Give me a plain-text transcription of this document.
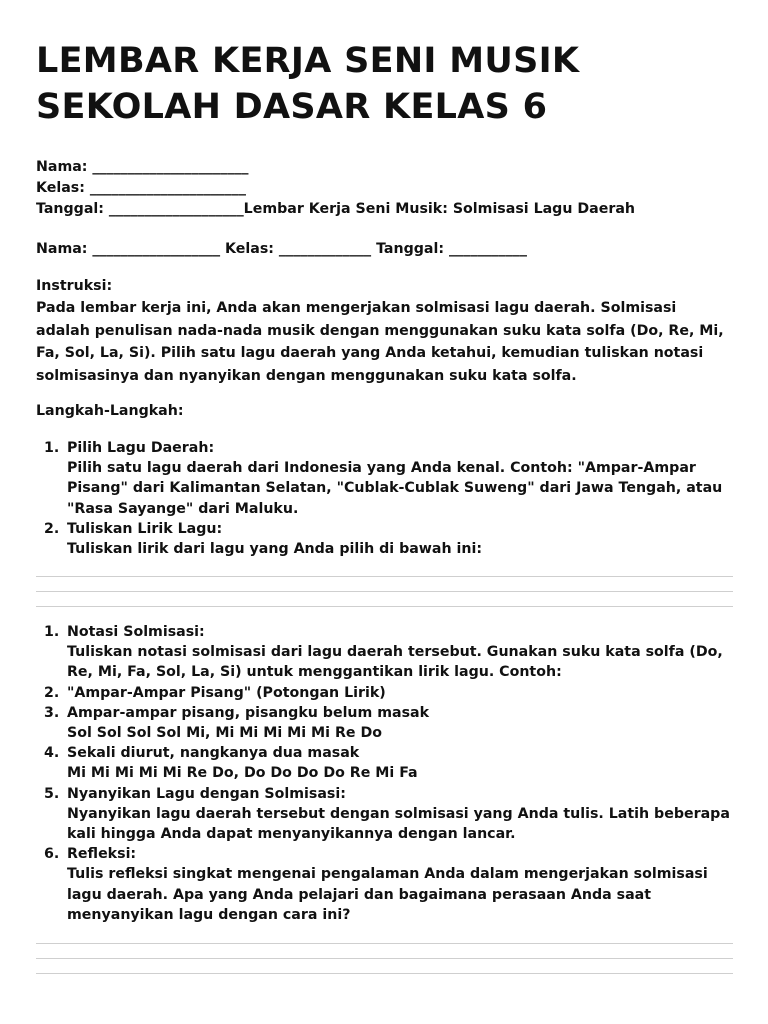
LEMBAR KERJA SENI MUSIK SEKOLAH DASAR KELAS 6
Nama: ______________________
Kelas: ______________________
Tanggal: ___________________Lembar Kerja Seni Musik: Solmisasi Lagu Daerah
Nama: __________________ Kelas: _____________ Tanggal: ___________
Instruksi:
Pada lembar kerja ini, Anda akan mengerjakan solmisasi lagu daerah. Solmisasi adalah penulisan nada-nada musik dengan menggunakan suku kata solfa (Do, Re, Mi, Fa, Sol, La, Si). Pilih satu lagu daerah yang Anda ketahui, kemudian tuliskan notasi solmisasinya dan nyanyikan dengan menggunakan suku kata solfa.
Langkah-Langkah:
1. Pilih Lagu Daerah:
Pilih satu lagu daerah dari Indonesia yang Anda kenal. Contoh: "Ampar-Ampar Pisang" dari Kalimantan Selatan, "Cublak-Cublak Suweng" dari Jawa Tengah, atau "Rasa Sayange" dari Maluku.
2. Tuliskan Lirik Lagu:
Tuliskan lirik dari lagu yang Anda pilih di bawah ini:
1. Notasi Solmisasi:
Tuliskan notasi solmisasi dari lagu daerah tersebut. Gunakan suku kata solfa (Do, Re, Mi, Fa, Sol, La, Si) untuk menggantikan lirik lagu. Contoh:
2. "Ampar-Ampar Pisang" (Potongan Lirik)
3. Ampar-ampar pisang, pisangku belum masak
Sol Sol Sol Sol Mi, Mi Mi Mi Mi Mi Re Do
4. Sekali diurut, nangkanya dua masak
Mi Mi Mi Mi Mi Re Do, Do Do Do Do Re Mi Fa
5. Nyanyikan Lagu dengan Solmisasi:
Nyanyikan lagu daerah tersebut dengan solmisasi yang Anda tulis. Latih beberapa kali hingga Anda dapat menyanyikannya dengan lancar.
6. Refleksi:
Tulis refleksi singkat mengenai pengalaman Anda dalam mengerjakan solmisasi lagu daerah. Apa yang Anda pelajari dan bagaimana perasaan Anda saat menyanyikan lagu dengan cara ini?
